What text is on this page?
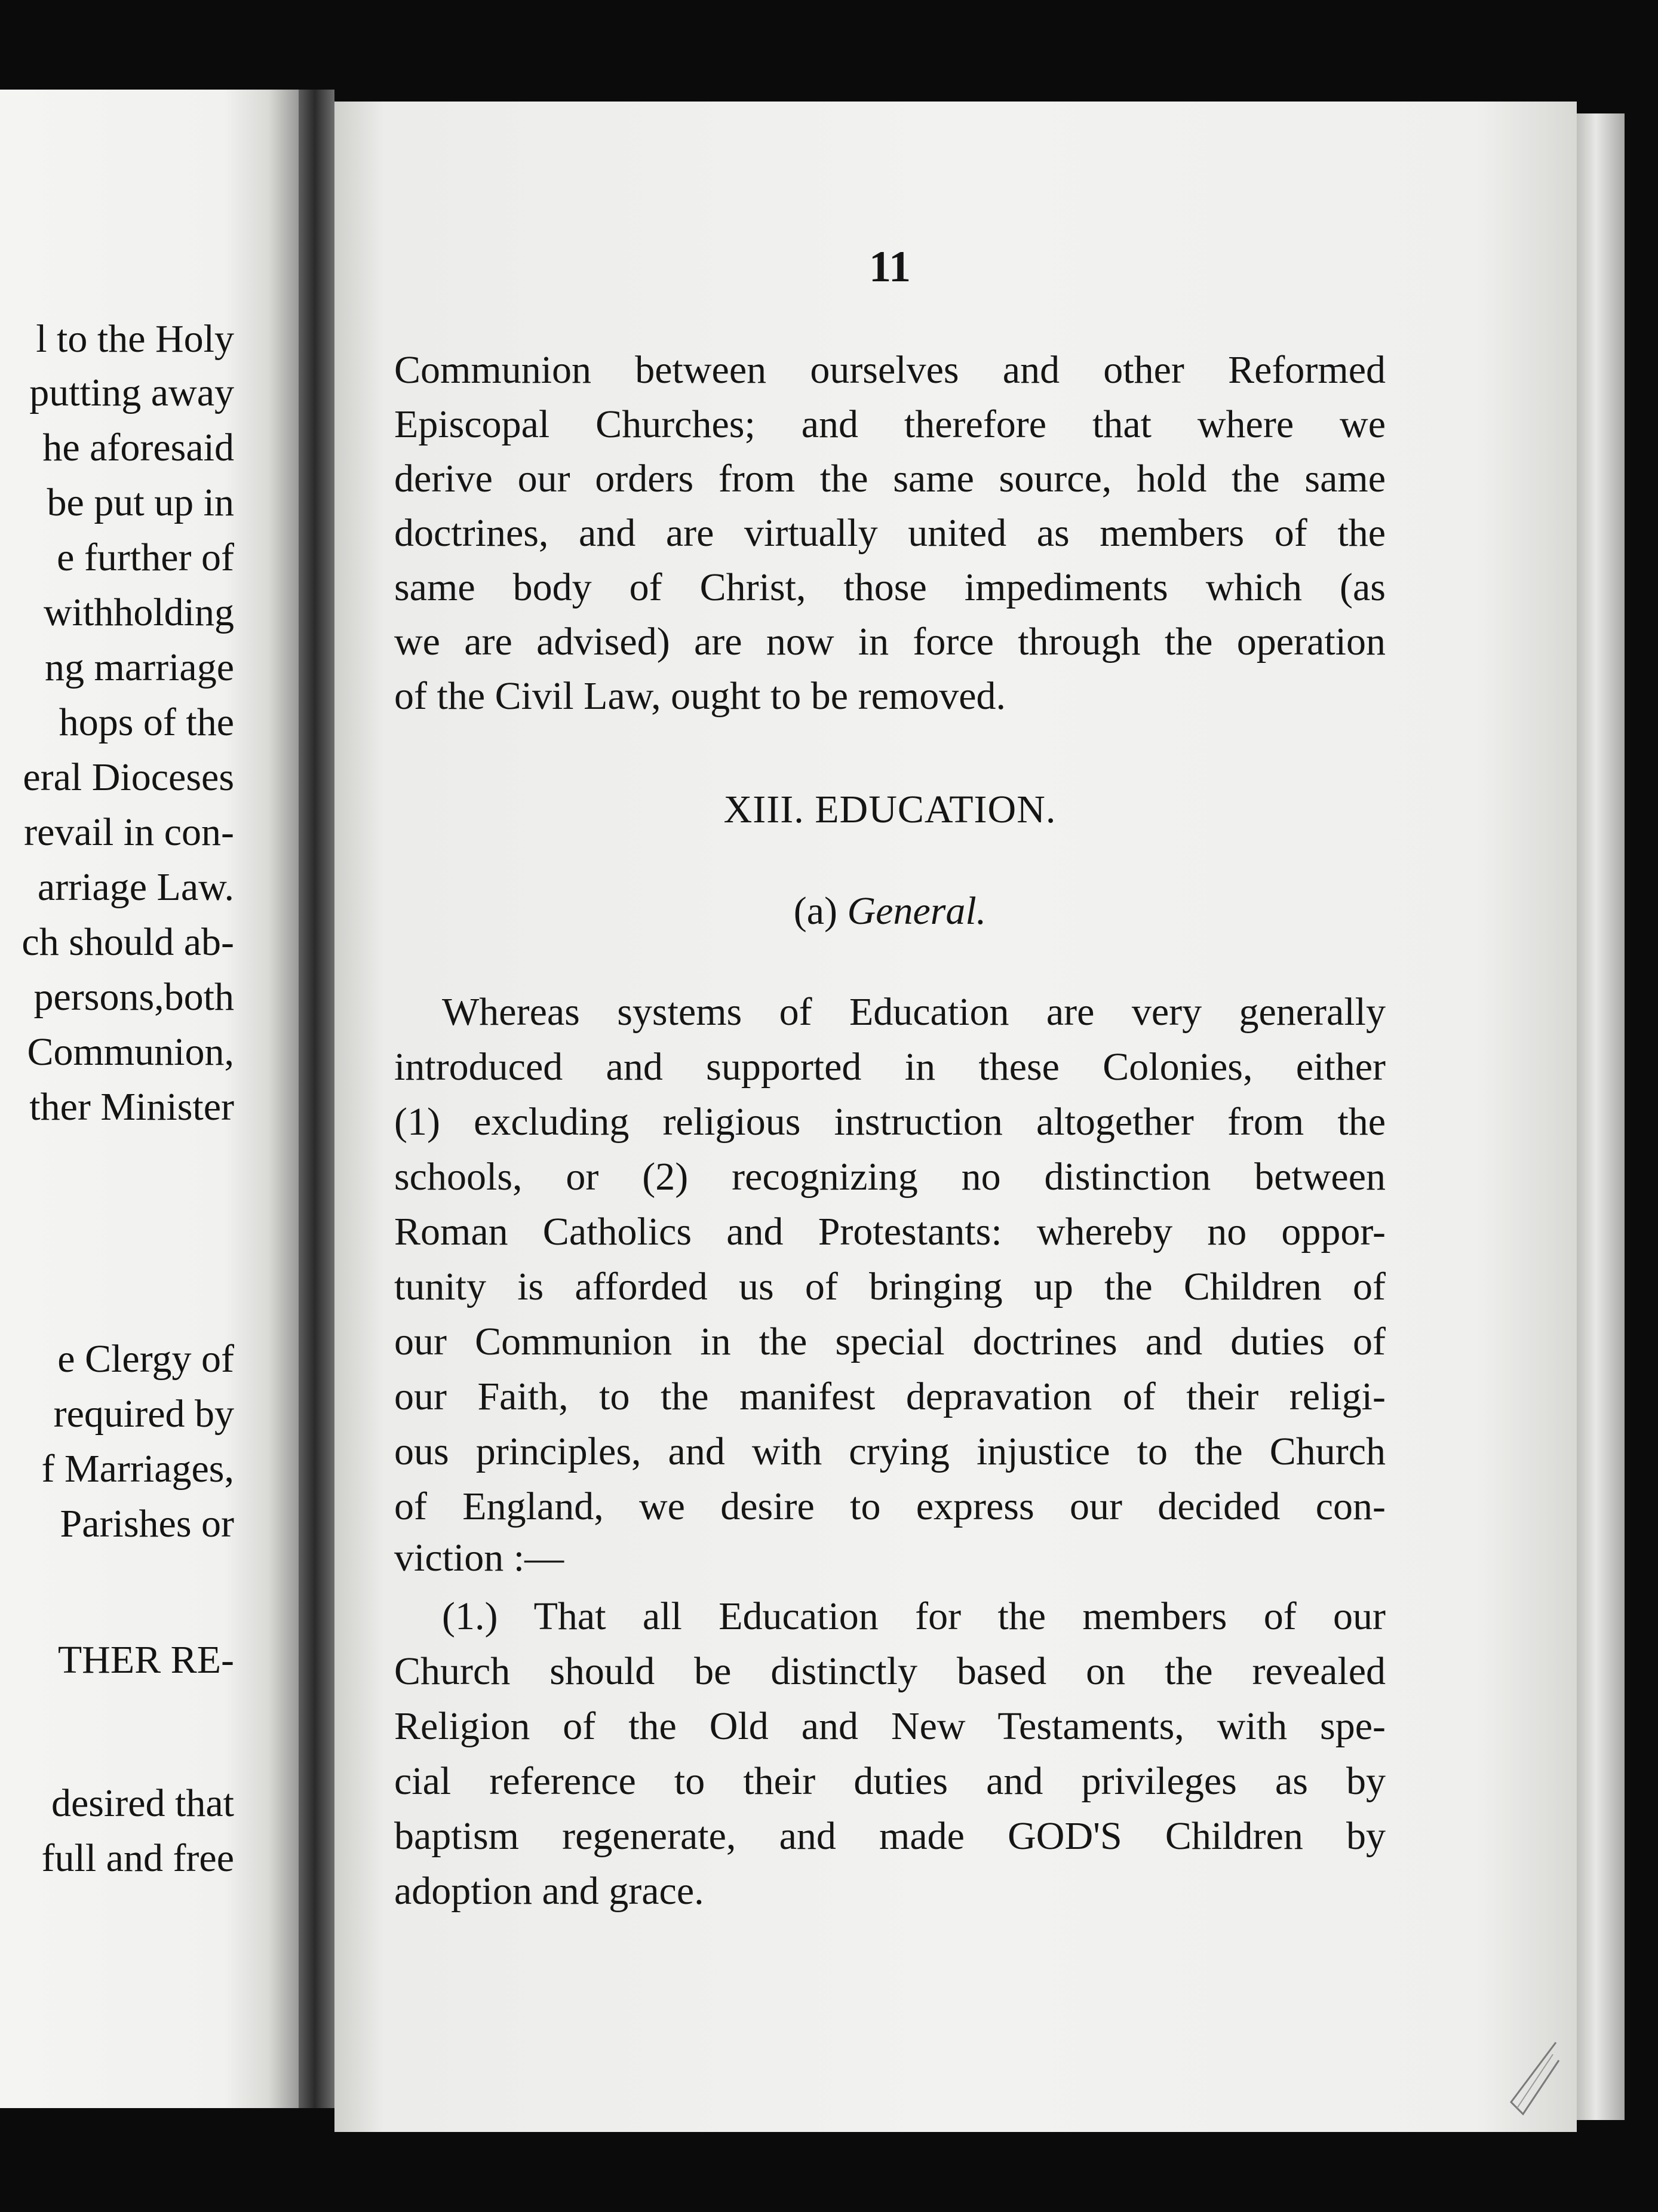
l to the Holy
putting away
he aforesaid
be put up in
e further of
withholding
ng marriage
hops of the
eral Dioceses
revail in con-
arriage Law.
ch should ab-
persons,both
Communion,
ther Minister
e Clergy of
required by
f Marriages,
Parishes or
THER RE-
desired that
full and free
11
Communion between ourselves and other Reformed
Episcopal Churches; and therefore that where we
derive our orders from the same source, hold the same
doctrines, and are virtually united as members of the
same body of Christ, those impediments which (as
we are advised) are now in force through the operation
of the Civil Law, ought to be removed.
XIII. EDUCATION.
(a) General.
Whereas systems of Education are very generally
introduced and supported in these Colonies, either
(1) excluding religious instruction altogether from the
schools, or (2) recognizing no distinction between
Roman Catholics and Protestants: whereby no oppor-
tunity is afforded us of bringing up the Children of
our Communion in the special doctrines and duties of
our Faith, to the manifest depravation of their religi-
ous principles, and with crying injustice to the Church
of England, we desire to express our decided con-
viction :—
(1.) That all Education for the members of our
Church should be distinctly based on the revealed
Religion of the Old and New Testaments, with spe-
cial reference to their duties and privileges as by
baptism regenerate, and made GOD'S Children by
adoption and grace.
